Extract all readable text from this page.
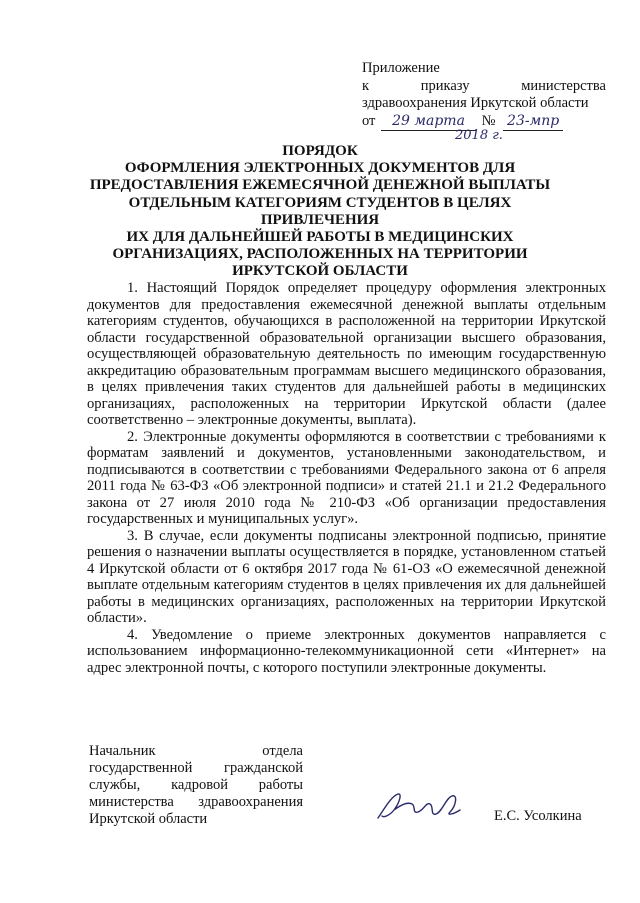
Приложение
к	приказу	министерства
здравоохранения Иркутской области
от 29 марта № 23-мпр
2018 г.
ПОРЯДОК
ОФОРМЛЕНИЯ ЭЛЕКТРОННЫХ ДОКУМЕНТОВ ДЛЯ
ПРЕДОСТАВЛЕНИЯ ЕЖЕМЕСЯЧНОЙ ДЕНЕЖНОЙ ВЫПЛАТЫ
ОТДЕЛЬНЫМ КАТЕГОРИЯМ СТУДЕНТОВ В ЦЕЛЯХ ПРИВЛЕЧЕНИЯ
ИХ ДЛЯ ДАЛЬНЕЙШЕЙ РАБОТЫ В МЕДИЦИНСКИХ
ОРГАНИЗАЦИЯХ, РАСПОЛОЖЕННЫХ НА ТЕРРИТОРИИ
ИРКУТСКОЙ ОБЛАСТИ

1. Настоящий Порядок определяет процедуру оформления электронных документов для предоставления ежемесячной денежной выплаты отдельным категориям студентов, обучающихся в расположенной на территории Иркутской области государственной образовательной организации высшего образования, осуществляющей образовательную деятельность по имеющим государственную аккредитацию образовательным программам высшего медицинского образования, в целях привлечения таких студентов для дальнейшей работы в медицинских организациях, расположенных на территории Иркутской области (далее соответственно – электронные документы, выплата).

2. Электронные документы оформляются в соответствии с требованиями к форматам заявлений и документов, установленными законодательством, и подписываются в соответствии с требованиями Федерального закона от 6 апреля 2011 года № 63-ФЗ «Об электронной подписи» и статей 21.1 и 21.2 Федерального закона от 27 июля 2010 года № 210-ФЗ «Об организации предоставления государственных и муниципальных услуг».

3. В случае, если документы подписаны электронной подписью, принятие решения о назначении выплаты осуществляется в порядке, установленном статьей 4 Иркутской области от 6 октября 2017 года № 61-ОЗ «О ежемесячной денежной выплате отдельным категориям студентов в целях привлечения их для дальнейшей работы в медицинских организациях, расположенных на территории Иркутской области».

4. Уведомление о приеме электронных документов направляется с использованием информационно-телекоммуникационной сети «Интернет» на адрес электронной почты, с которого поступили электронные документы.

Начальник отдела
государственной гражданской
службы, кадровой работы
министерства здравоохранения
Иркутской области	Е.С. Усолкина
